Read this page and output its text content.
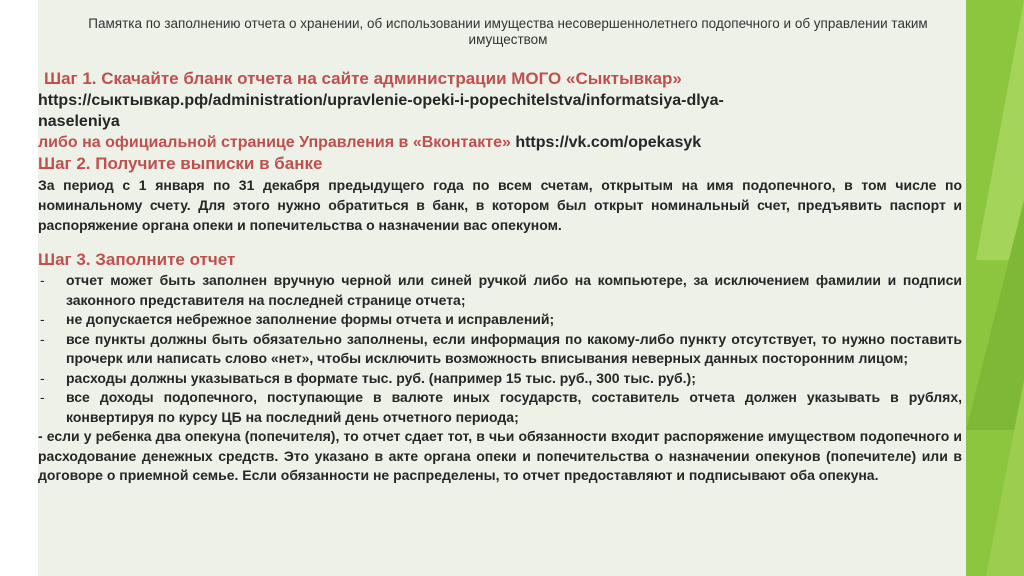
Памятка по заполнению отчета о хранении, об использовании имущества несовершеннолетнего подопечного и об управлении таким имуществом

Шаг 1. Скачайте бланк отчета на сайте администрации МОГО «Сыктывкар»

https://сыктывкар.рф/administration/upravlenie-opeki-i-popechitelstva/informatsiya-dlya-

naseleniya

либо на официальной странице Управления в «Вконтакте» https://vk.com/opekasyk

Шаг 2. Получите выписки в банке

За период с 1 января по 31 декабря предыдущего года по всем счетам, открытым на имя подопечного, в том числе по номинальному счету. Для этого нужно обратиться в банк, в котором был открыт номинальный счет, предъявить паспорт и распоряжение органа опеки и попечительства о назначении вас опекуном.

Шаг 3. Заполните отчет

- отчет может быть заполнен вручную черной или синей ручкой либо на компьютере, за исключением фамилии и подписи законного представителя на последней странице отчета;

- не допускается небрежное заполнение формы отчета и исправлений;

- все пункты должны быть обязательно заполнены, если информация по какому-либо пункту отсутствует, то нужно поставить прочерк или написать слово «нет», чтобы исключить возможность вписывания неверных данных посторонним лицом;

- расходы должны указываться в формате тыс. руб. (например 15 тыс. руб., 300 тыс. руб.);

- все доходы подопечного, поступающие в валюте иных государств, составитель отчета должен указывать в рублях, конвертируя по курсу ЦБ на последний день отчетного периода;

- если у ребенка два опекуна (попечителя), то отчет сдает тот, в чьи обязанности входит распоряжение имуществом подопечного и расходование денежных средств. Это указано в акте органа опеки и попечительства о назначении опекунов (попечителе) или в договоре о приемной семье. Если обязанности не распределены, то отчет предоставляют и подписывают оба опекуна.
